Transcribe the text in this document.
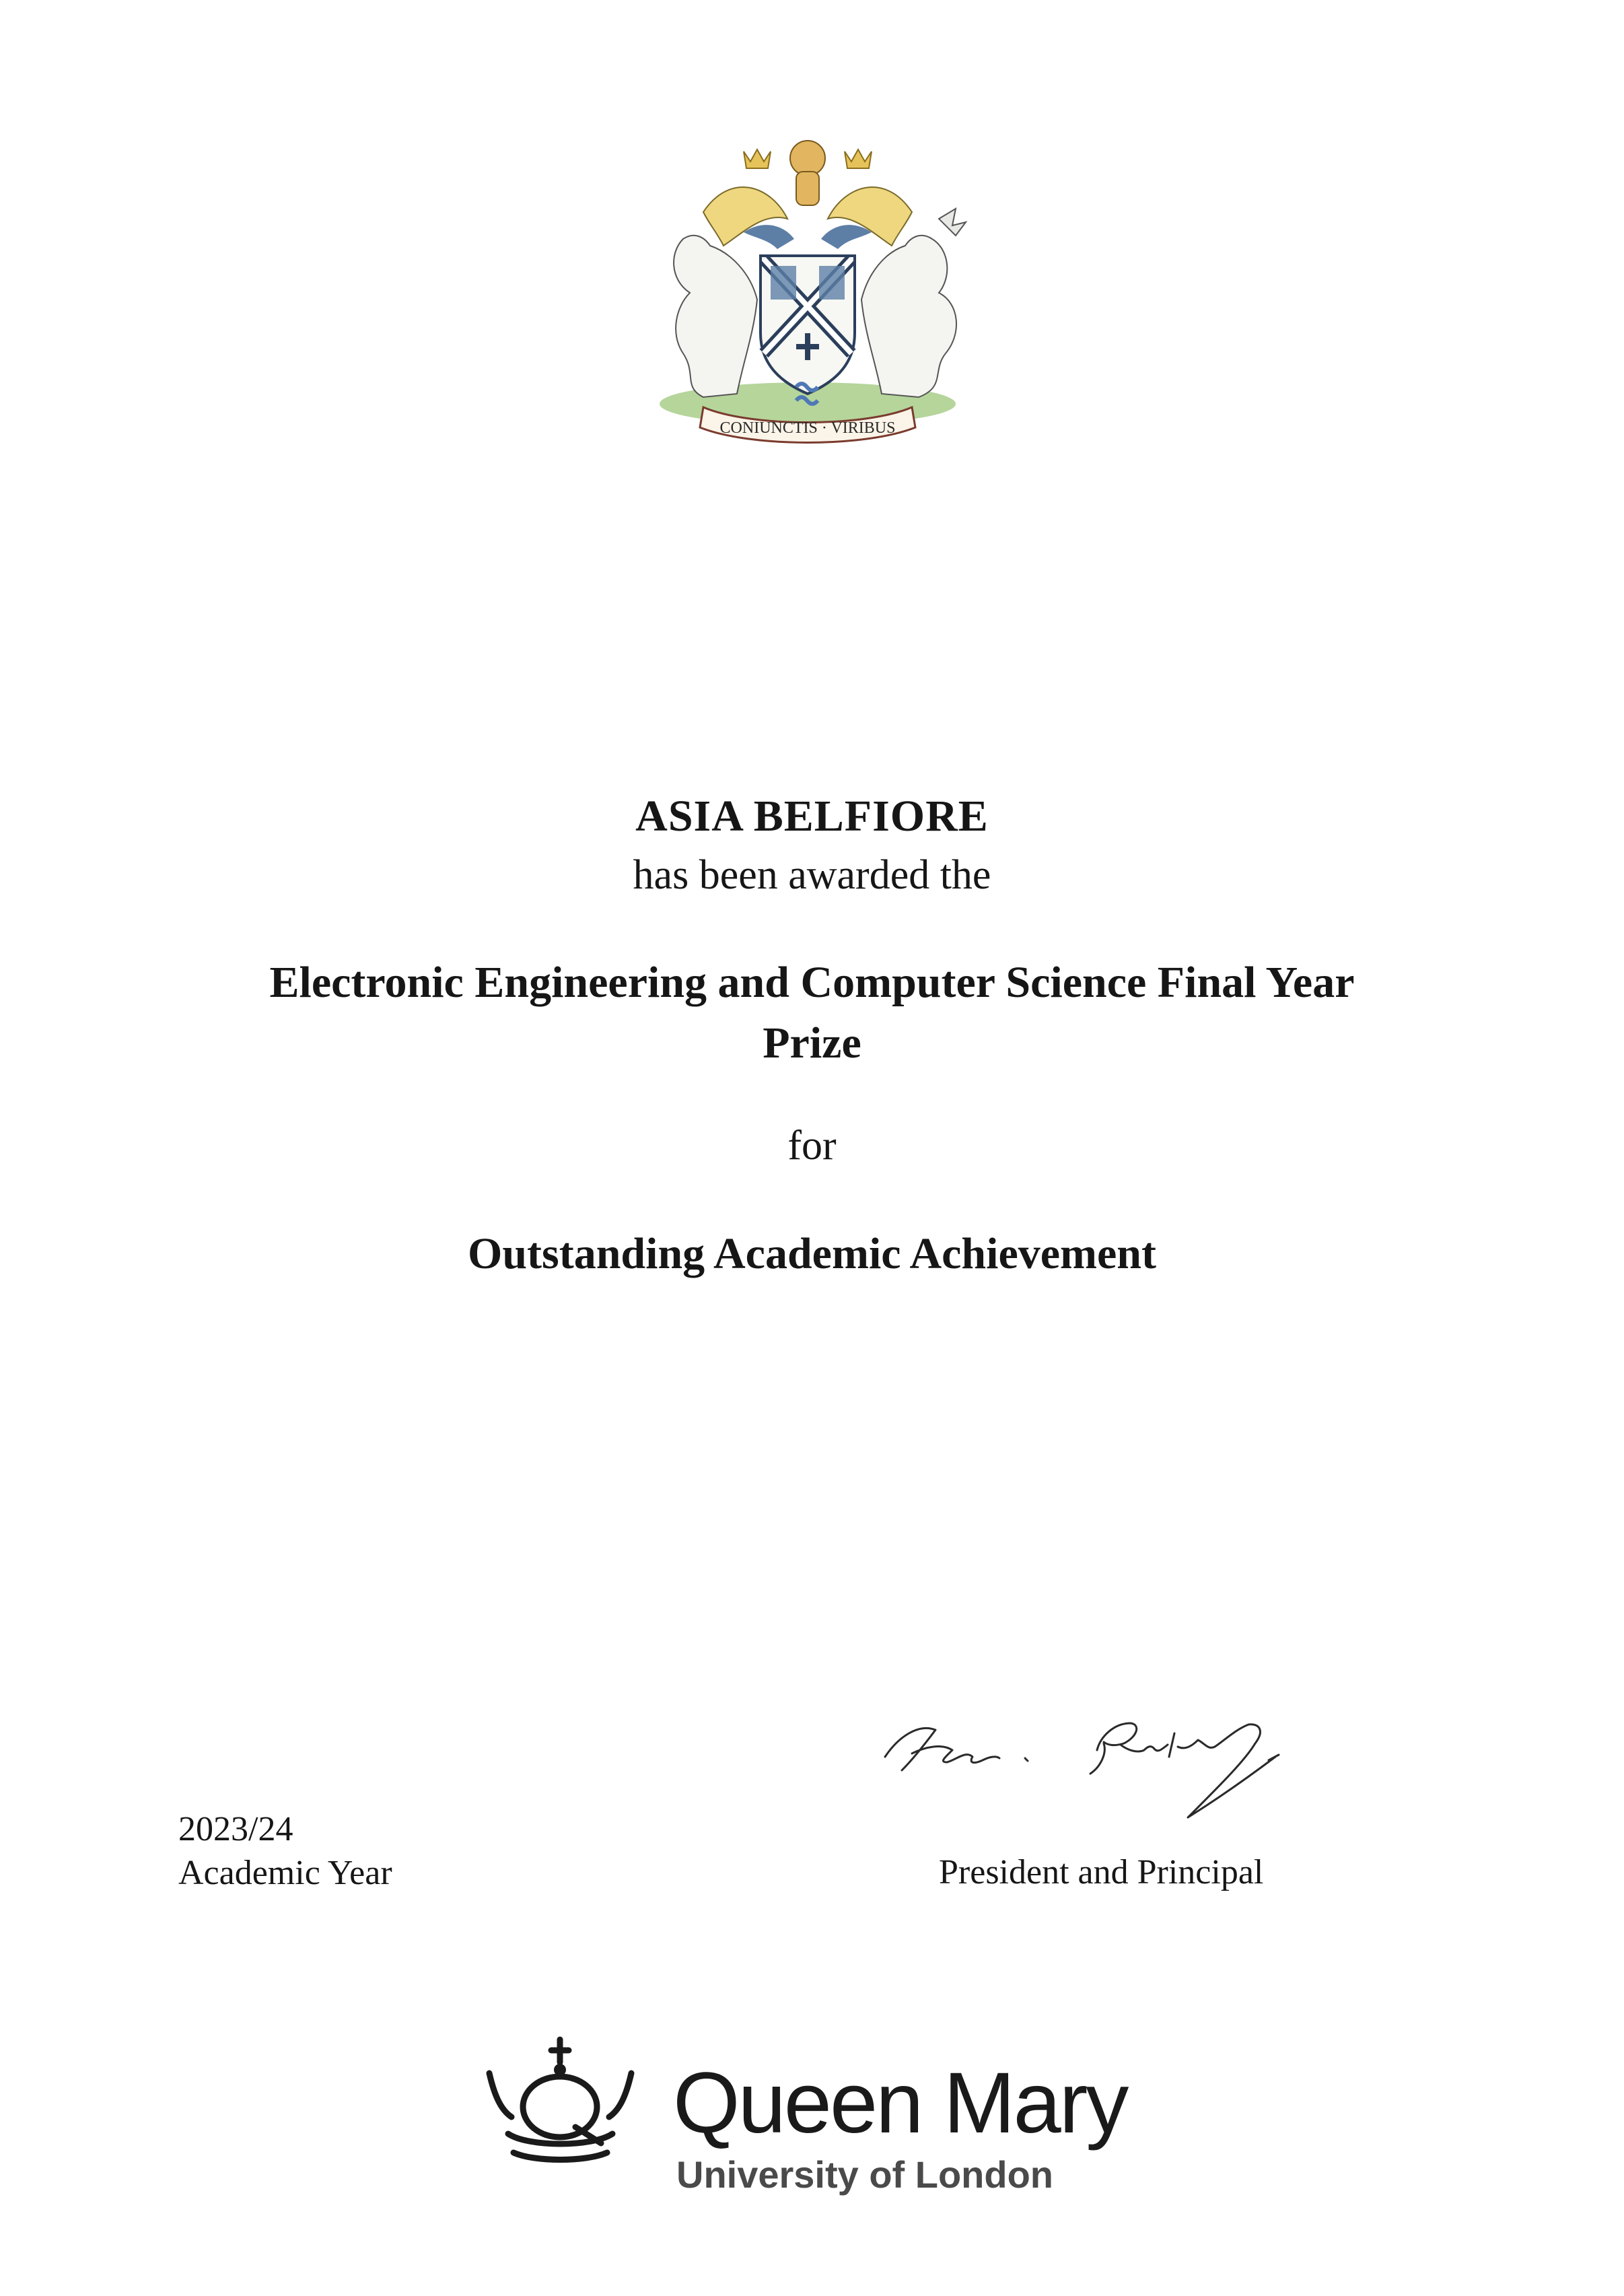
CONIUNCTIS · VIRIBUS
ASIA BELFIORE
has been awarded the
Electronic Engineering and Computer Science Final Year
Prize
for
Outstanding Academic Achievement
2023/24
Academic Year	President and Principal
Queen Mary
University of London
